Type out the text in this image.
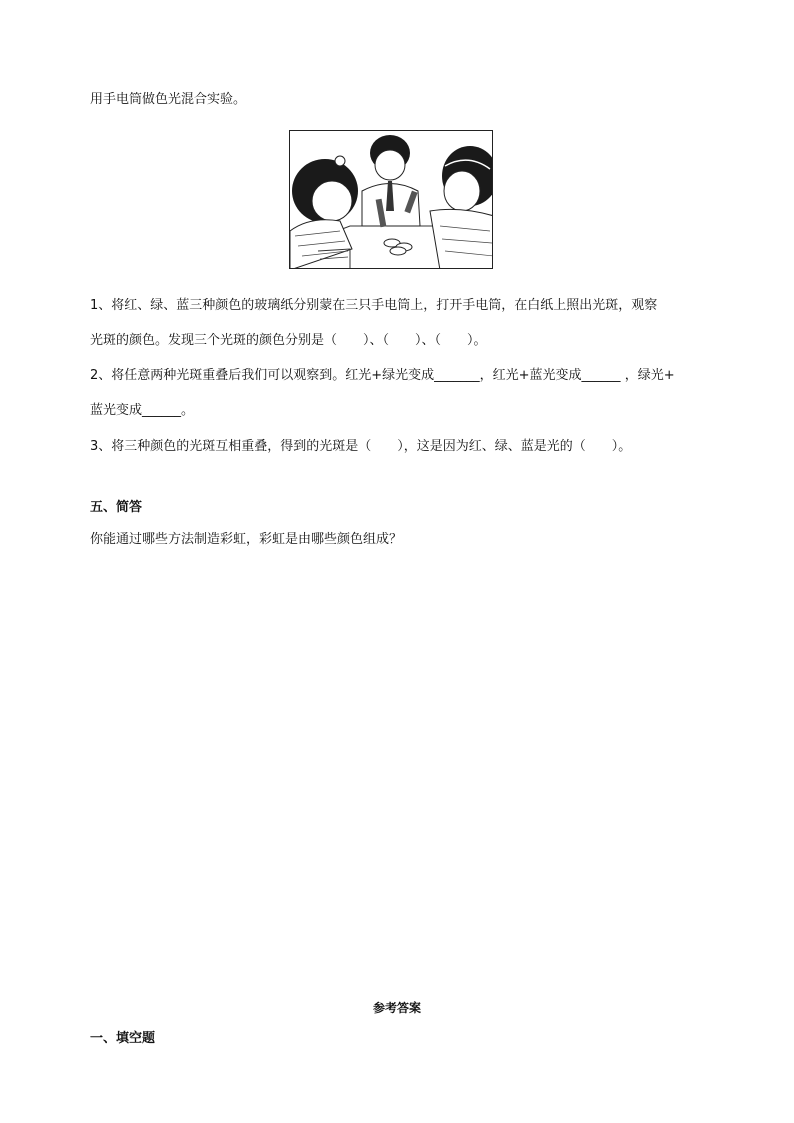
用手电筒做色光混合实验。
1、将红、绿、蓝三种颜色的玻璃纸分别蒙在三只手电筒上，打开手电筒，在白纸上照出光斑，观察
光斑的颜色。发现三个光斑的颜色分别是（　　）、（　　）、（　　）。
2、将任意两种光斑重叠后我们可以观察到。红光+绿光变成_______，红光+蓝光变成______ ，绿光+
蓝光变成______。
3、将三种颜色的光斑互相重叠，得到的光斑是（　　），这是因为红、绿、蓝是光的（　　）。
五、简答
你能通过哪些方法制造彩虹，彩虹是由哪些颜色组成？
参考答案
一、填空题
